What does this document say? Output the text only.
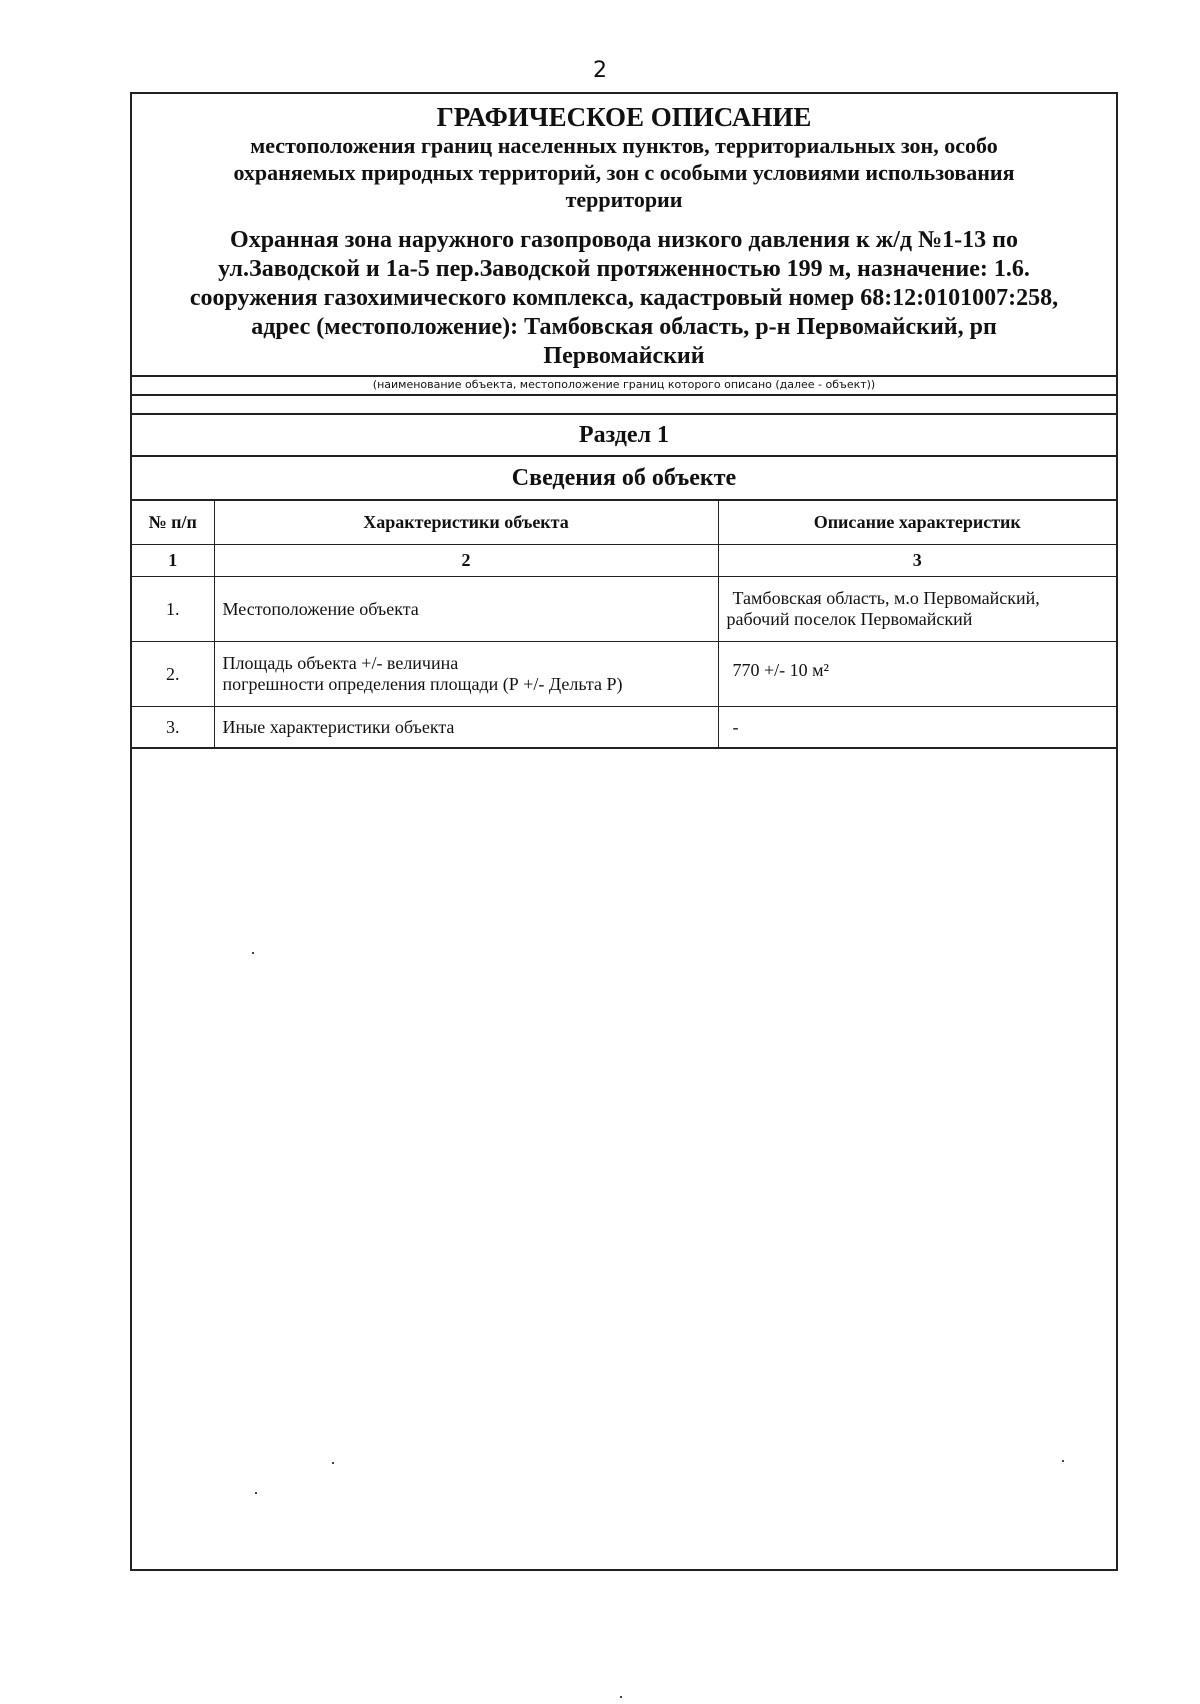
2
ГРАФИЧЕСКОЕ ОПИСАНИЕ
местоположения границ населенных пунктов, территориальных зон, особо
охраняемых природных территорий, зон с особыми условиями использования
территории
Охранная зона наружного газопровода низкого давления к ж/д №1-13 по
ул.Заводской и 1а-5 пер.Заводской протяженностью 199 м, назначение: 1.6.
сооружения газохимического комплекса, кадастровый номер 68:12:0101007:258,
адрес (местоположение): Тамбовская область, р-н Первомайский, рп
Первомайский
(наименование объекта, местоположение границ которого описано (далее - объект))
Раздел 1
Сведения об объекте
№ п/п	Характеристики объекта	Описание характеристик
1	2	3
1.	Местоположение объекта	Тамбовская область, м.о Первомайский,
рабочий поселок Первомайский

2.	Площадь объекта +/- величина
погрешности определения площади (Р +/- Дельта Р)	770 +/- 10 м²

3.	Иные характеристики объекта	-
